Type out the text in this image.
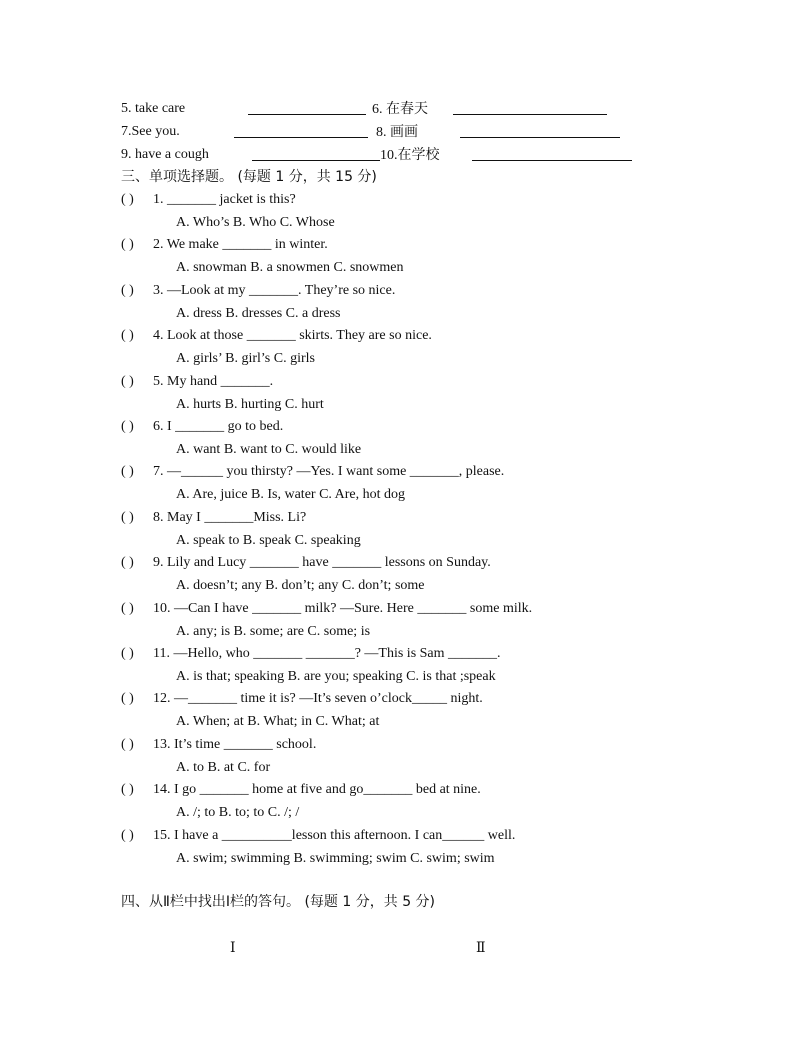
5. take care	6. 在春天
7.See you.	8. 画画
9. have a cough	10.在学校
三、单项选择题。 (每题 1 分，共 15 分)
( ) 1. _______ jacket is this?
A. Who’s B. Who C. Whose
( ) 2. We make _______ in winter.
A. snowman B. a snowmen C. snowmen
( ) 3. —Look at my _______. They’re so nice.
A. dress B. dresses C. a dress
( ) 4. Look at those _______ skirts. They are so nice.
A. girls’ B. girl’s C. girls
( ) 5. My hand _______.
A. hurts B. hurting C. hurt
( ) 6. I _______ go to bed.
A. want B. want to C. would like
( ) 7. —______ you thirsty? —Yes. I want some _______, please.
A. Are, juice B. Is, water C. Are, hot dog
( ) 8. May I _______Miss. Li?
A. speak to B. speak C. speaking
( ) 9. Lily and Lucy _______ have _______ lessons on Sunday.
A. doesn’t; any B. don’t; any C. don’t; some
( ) 10. —Can I have _______ milk? —Sure. Here _______ some milk.
A. any; is B. some; are C. some; is
( ) 11. —Hello, who _______ _______? —This is Sam _______.
A. is that; speaking B. are you; speaking C. is that ;speak
( ) 12. —_______ time it is? —It’s seven o’clock_____ night.
A. When; at B. What; in C. What; at
( ) 13. It’s time _______ school.
A. to B. at C. for
( ) 14. I go _______ home at five and go_______ bed at nine.
A. /; to B. to; to C. /; /
( ) 15. I have a __________lesson this afternoon. I can______ well.
A. swim; swimming B. swimming; swim C. swim; swim
四、从Ⅱ栏中找出Ⅰ栏的答句。 (每题 1 分，共 5 分)
Ⅰ	Ⅱ
